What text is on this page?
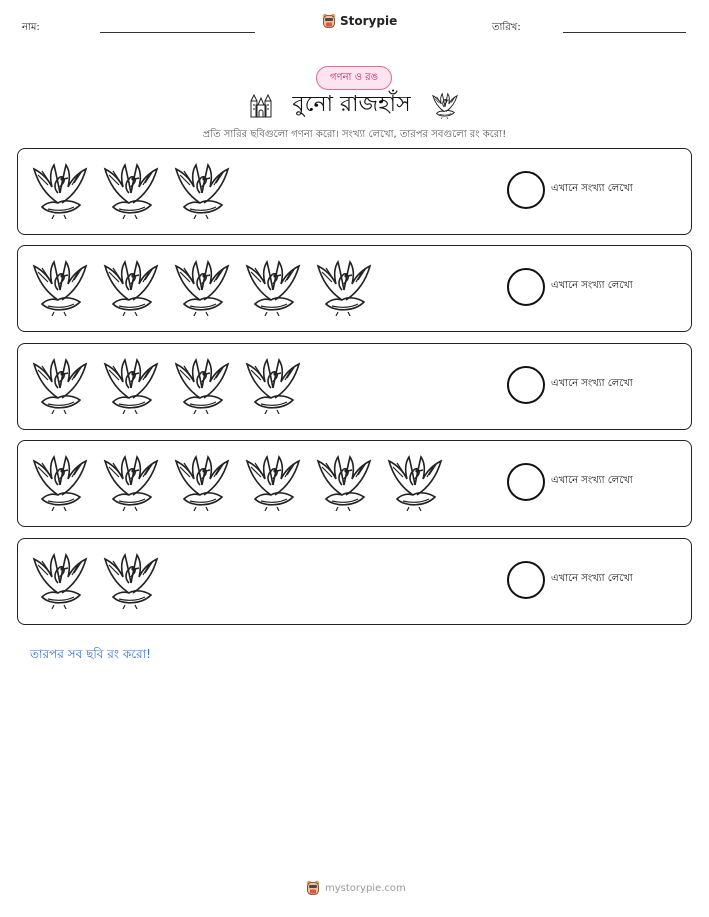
নাম:	Storypie	তারিখ:
গণনা ও রঙ
বুনো রাজহাঁস
প্রতি সারির ছবিগুলো গণনা করো। সংখ্যা লেখো, তারপর সবগুলো রং করো!
এখানে সংখ্যা লেখো
এখানে সংখ্যা লেখো
এখানে সংখ্যা লেখো
এখানে সংখ্যা লেখো
এখানে সংখ্যা লেখো
তারপর সব ছবি রং করো!
mystorypie.com
